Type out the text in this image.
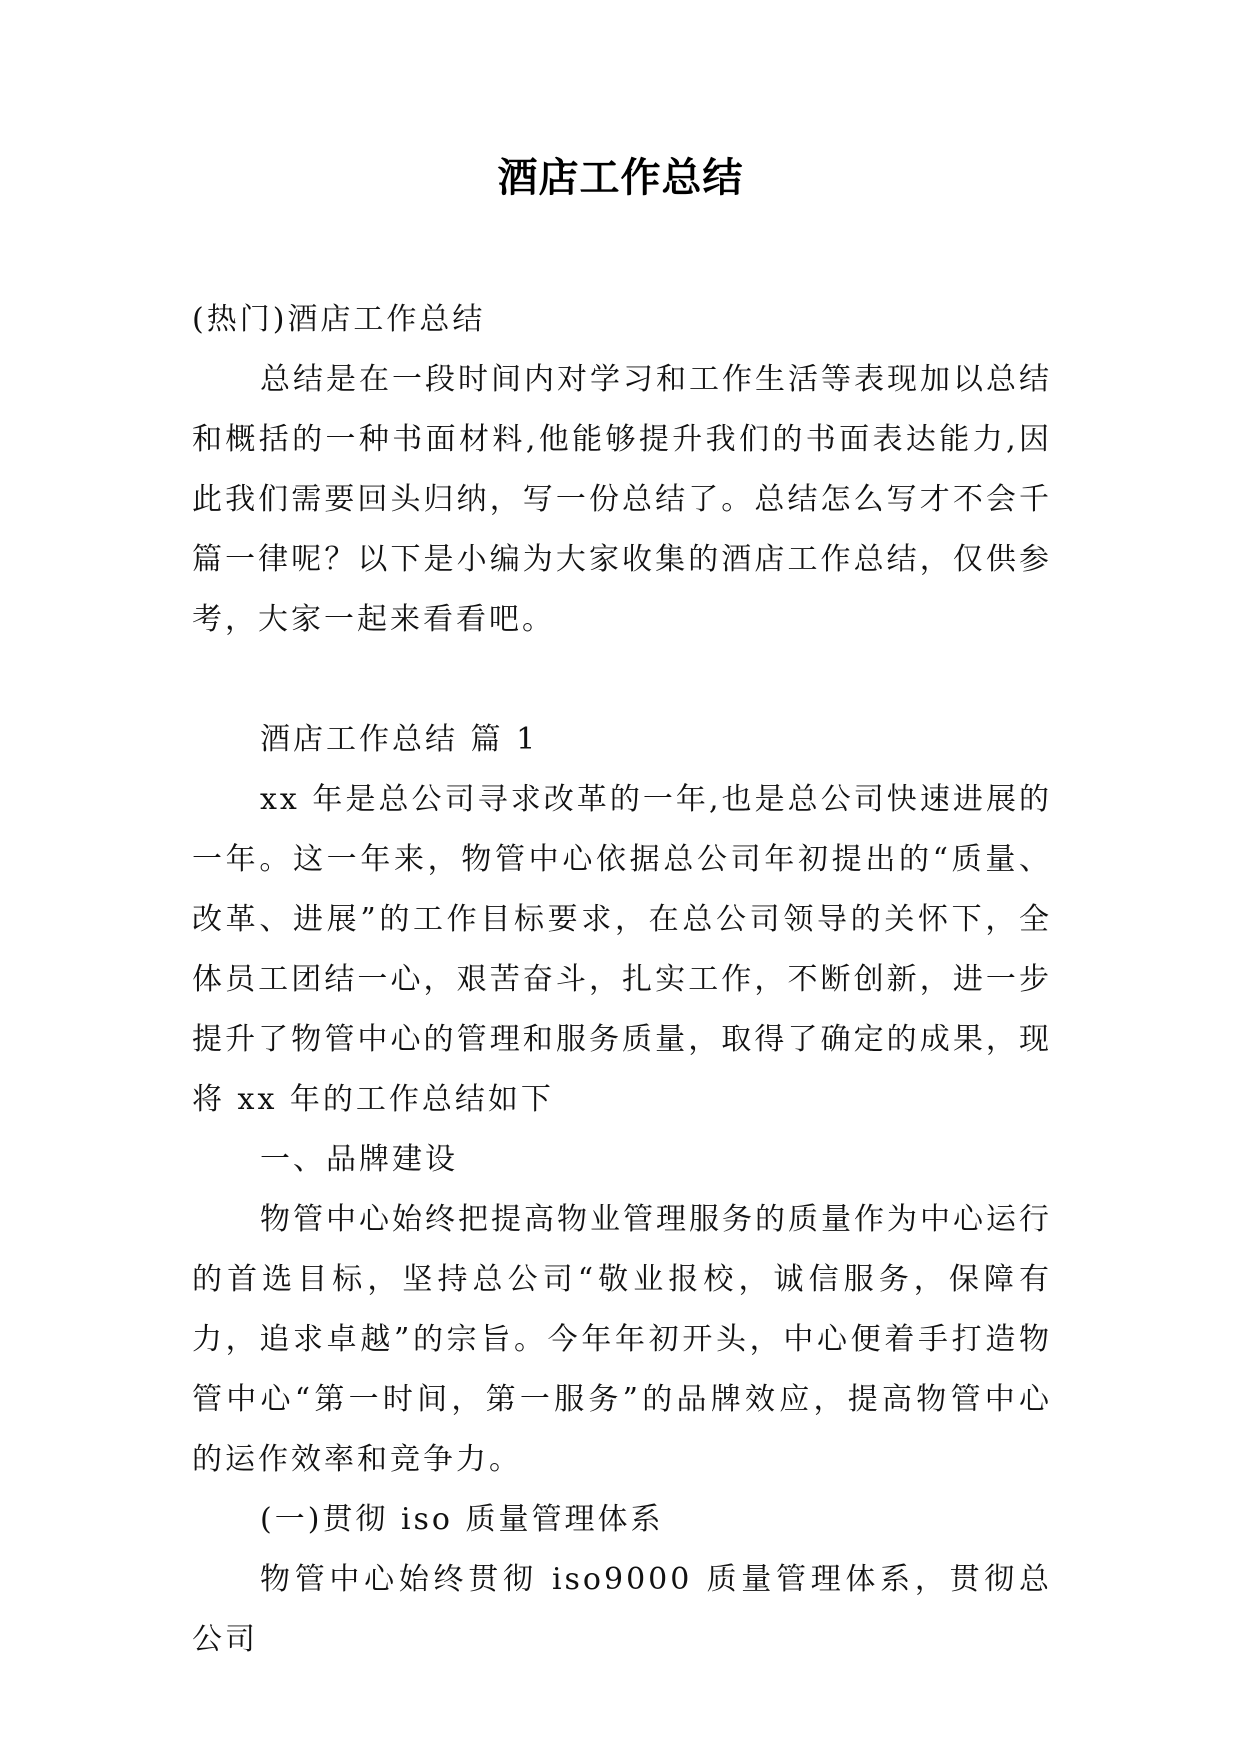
酒店工作总结

(热门)酒店工作总结

总结是在一段时间内对学习和工作生活等表现加以总结和概括的一种书面材料,他能够提升我们的书面表达能力,因此我们需要回头归纳，写一份总结了。总结怎么写才不会千篇一律呢？以下是小编为大家收集的酒店工作总结，仅供参考，大家一起来看看吧。

酒店工作总结 篇 1

xx 年是总公司寻求改革的一年,也是总公司快速进展的一年。这一年来，物管中心依据总公司年初提出的“质量、改革、进展”的工作目标要求，在总公司领导的关怀下，全体员工团结一心，艰苦奋斗，扎实工作，不断创新，进一步提升了物管中心的管理和服务质量，取得了确定的成果，现将 xx 年的工作总结如下

一、品牌建设

物管中心始终把提高物业管理服务的质量作为中心运行的首选目标，坚持总公司“敬业报校，诚信服务，保障有力，追求卓越”的宗旨。今年年初开头，中心便着手打造物管中心“第一时间，第一服务”的品牌效应，提高物管中心的运作效率和竞争力。

(一)贯彻 iso 质量管理体系

物管中心始终贯彻 iso9000 质量管理体系，贯彻总公司
